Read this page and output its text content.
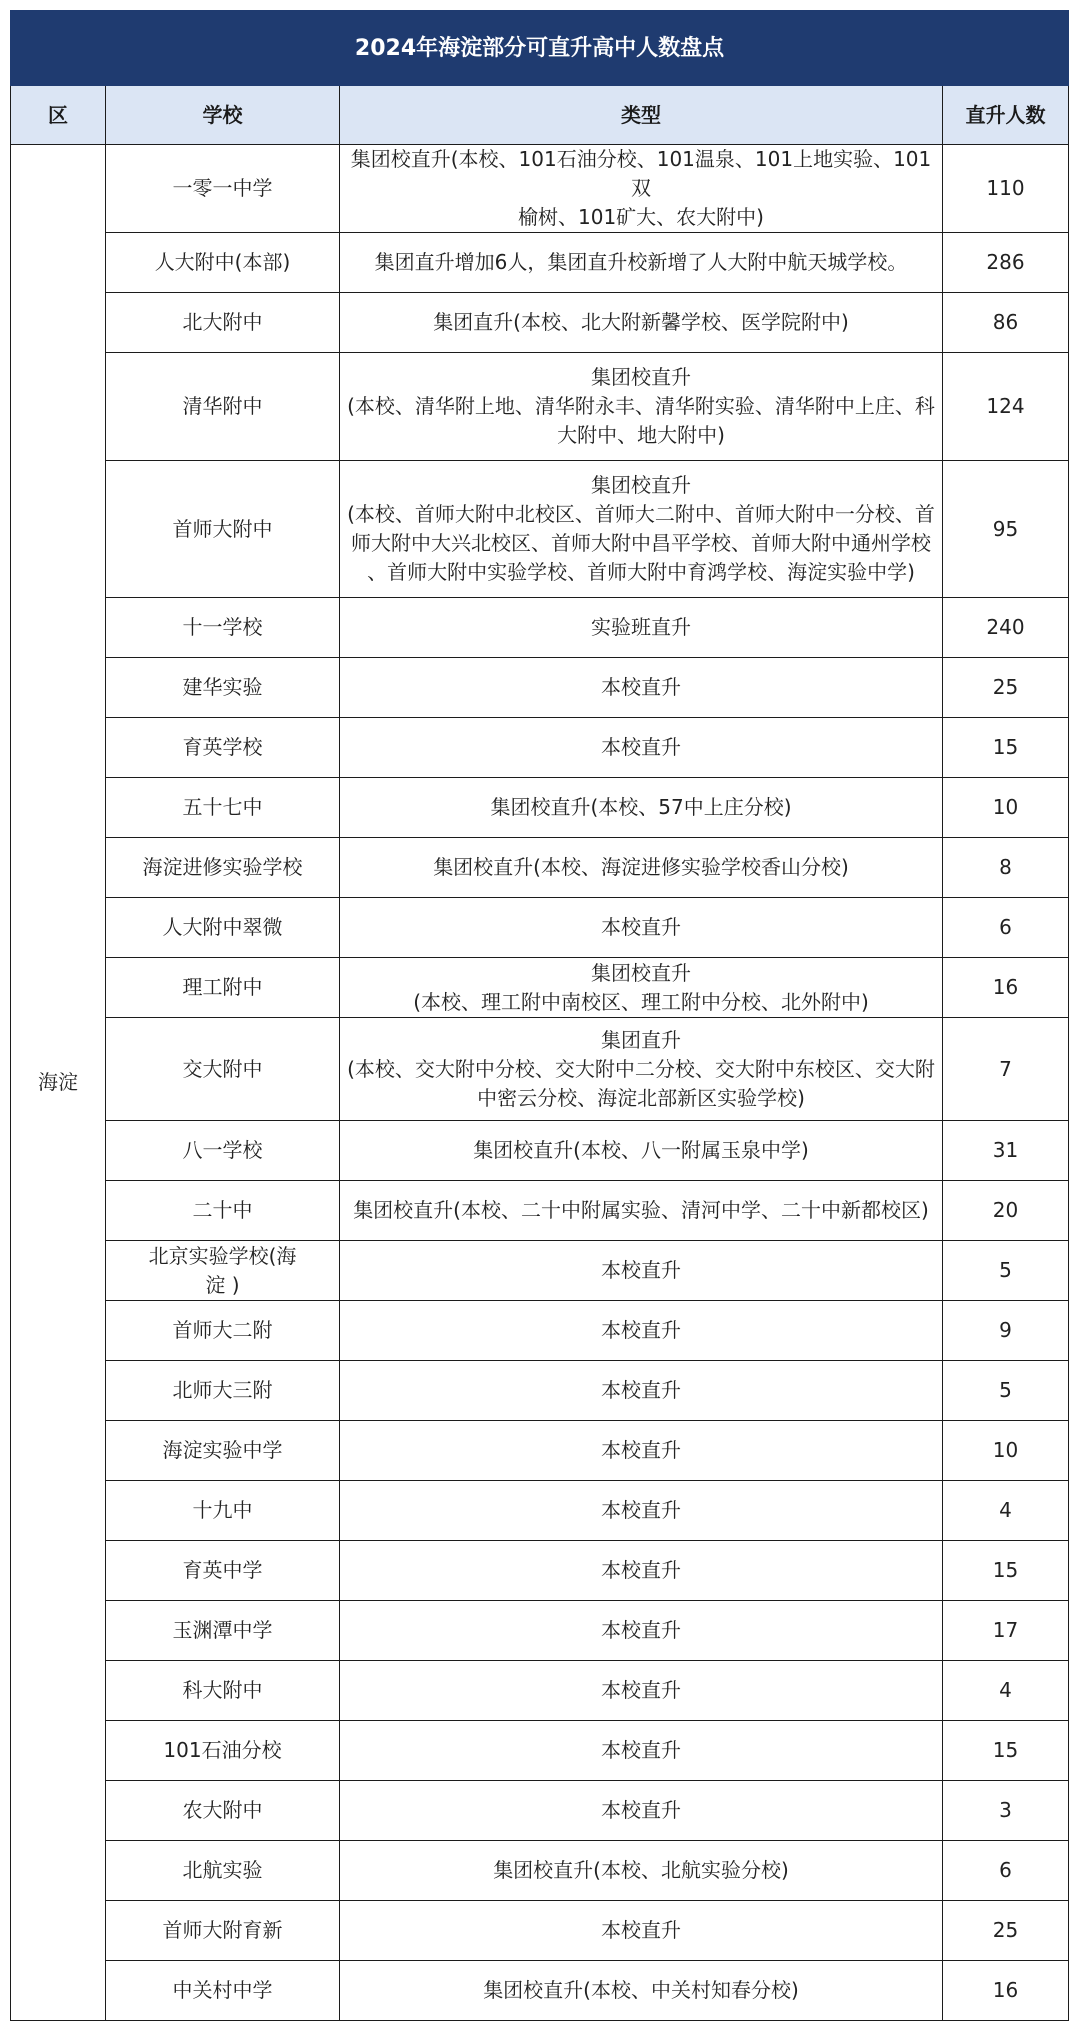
2024年海淀部分可直升高中人数盘点			
区	学校	类型	直升人数
海淀	一零一中学	集团校直升(本校、101石油分校、101温泉、101上地实验、101双
榆树、101矿大、农大附中)	110
	人大附中(本部)	集团直升增加6人，集团直升校新增了人大附中航天城学校。	286
	北大附中	集团直升(本校、北大附新馨学校、医学院附中)	86
	清华附中	集团校直升
(本校、清华附上地、清华附永丰、清华附实验、清华附中上庄、科
大附中、地大附中)	124
	首师大附中	集团校直升
(本校、首师大附中北校区、首师大二附中、首师大附中一分校、首
师大附中大兴北校区、首师大附中昌平学校、首师大附中通州学校
、首师大附中实验学校、首师大附中育鸿学校、海淀实验中学)	95
	十一学校	实验班直升	240
	建华实验	本校直升	25
	育英学校	本校直升	15
	五十七中	集团校直升(本校、57中上庄分校)	10
	海淀进修实验学校	集团校直升(本校、海淀进修实验学校香山分校)	8
	人大附中翠微	本校直升	6
	理工附中	集团校直升
(本校、理工附中南校区、理工附中分校、北外附中)	16
	交大附中	集团直升
(本校、交大附中分校、交大附中二分校、交大附中东校区、交大附
中密云分校、海淀北部新区实验学校)	7
	八一学校	集团校直升(本校、八一附属玉泉中学)	31
	二十中	集团校直升(本校、二十中附属实验、清河中学、二十中新都校区)	20
	北京实验学校(海
淀 )	本校直升	5
	首师大二附	本校直升	9
	北师大三附	本校直升	5
	海淀实验中学	本校直升	10
	十九中	本校直升	4
	育英中学	本校直升	15
	玉渊潭中学	本校直升	17
	科大附中	本校直升	4
	101石油分校	本校直升	15
	农大附中	本校直升	3
	北航实验	集团校直升(本校、北航实验分校)	6
	首师大附育新	本校直升	25
	中关村中学	集团校直升(本校、中关村知春分校)	16
